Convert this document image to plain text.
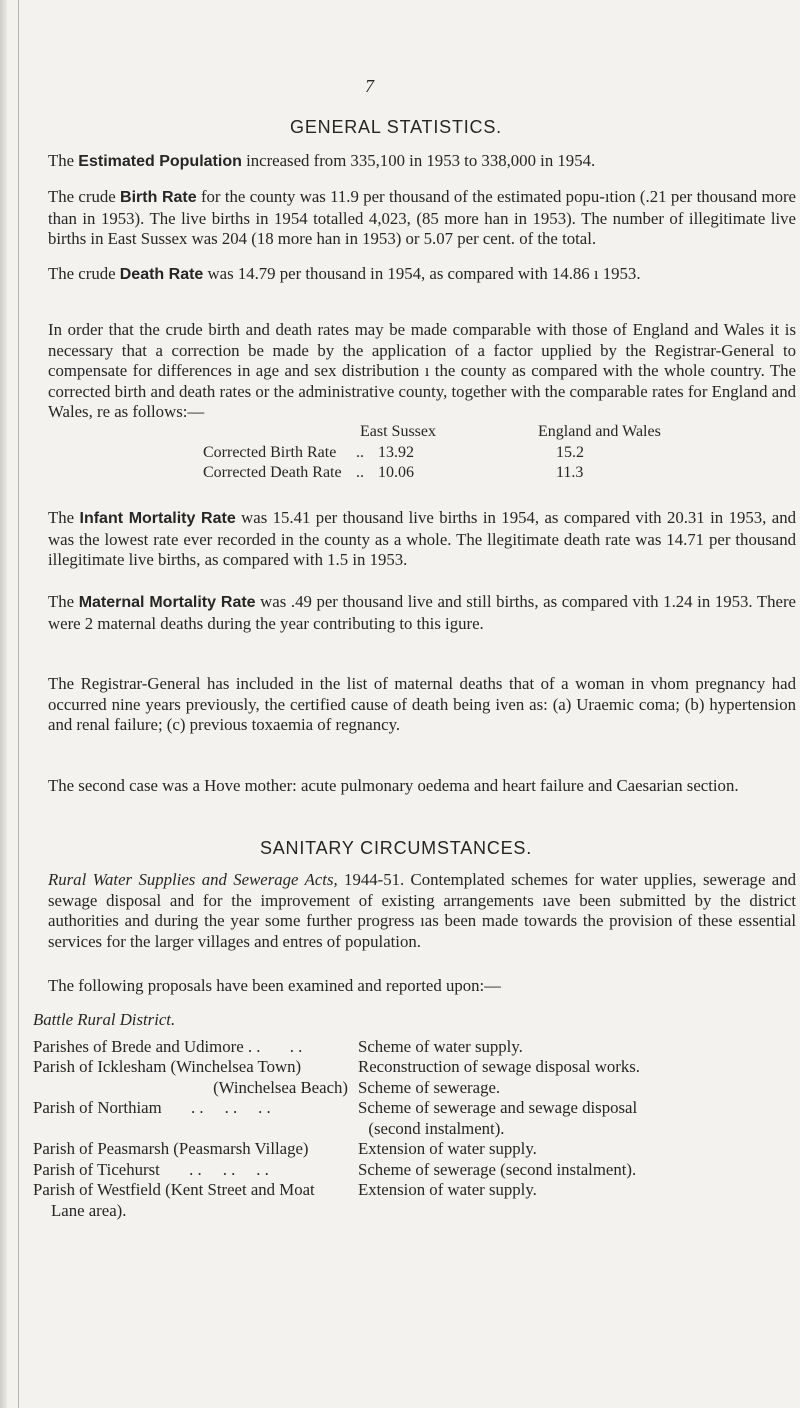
7
GENERAL STATISTICS.
The Estimated Population increased from 335,100 in 1953 to 338,000 in 1954.
The crude Birth Rate for the county was 11.9 per thousand of the estimated popu-ıtion (.21 per thousand more than in 1953). The live births in 1954 totalled 4,023, (85 more han in 1953). The number of illegitimate live births in East Sussex was 204 (18 more han in 1953) or 5.07 per cent. of the total.
The crude Death Rate was 14.79 per thousand in 1954, as compared with 14.86 ı 1953.
In order that the crude birth and death rates may be made comparable with those of England and Wales it is necessary that a correction be made by the application of a factor upplied by the Registrar-General to compensate for differences in age and sex distribution ı the county as compared with the whole country. The corrected birth and death rates or the administrative county, together with the comparable rates for England and Wales, re as follows:—
East Sussex	England and Wales
Corrected Birth Rate .. 13.92	15.2
Corrected Death Rate .. 10.06	11.3
The Infant Mortality Rate was 15.41 per thousand live births in 1954, as compared vith 20.31 in 1953, and was the lowest rate ever recorded in the county as a whole. The llegitimate death rate was 14.71 per thousand illegitimate live births, as compared with 1.5 in 1953.
The Maternal Mortality Rate was .49 per thousand live and still births, as compared vith 1.24 in 1953. There were 2 maternal deaths during the year contributing to this igure.
The Registrar-General has included in the list of maternal deaths that of a woman in vhom pregnancy had occurred nine years previously, the certified cause of death being iven as: (a) Uraemic coma; (b) hypertension and renal failure; (c) previous toxaemia of regnancy.
The second case was a Hove mother: acute pulmonary oedema and heart failure and Caesarian section.
SANITARY CIRCUMSTANCES.
Rural Water Supplies and Sewerage Acts, 1944-51. Contemplated schemes for water upplies, sewerage and sewage disposal and for the improvement of existing arrangements ıave been submitted by the district authorities and during the year some further progress ıas been made towards the provision of these essential services for the larger villages and entres of population.
The following proposals have been examined and reported upon:—
Battle Rural District.
Parishes of Brede and Udimore . .       . .	Scheme of water supply.
Parish of Icklesham (Winchelsea Town)	Reconstruction of sewage disposal works.
(Winchelsea Beach) Scheme of sewerage.
Parish of Northiam       . .     . .     . .	Scheme of sewerage and sewage disposal
(second instalment).
Parish of Peasmarsh (Peasmarsh Village)	Extension of water supply.
Parish of Ticehurst       . .     . .     . .	Scheme of sewerage (second instalment).
Parish of Westfield (Kent Street and Moat	Extension of water supply.
Lane area).
